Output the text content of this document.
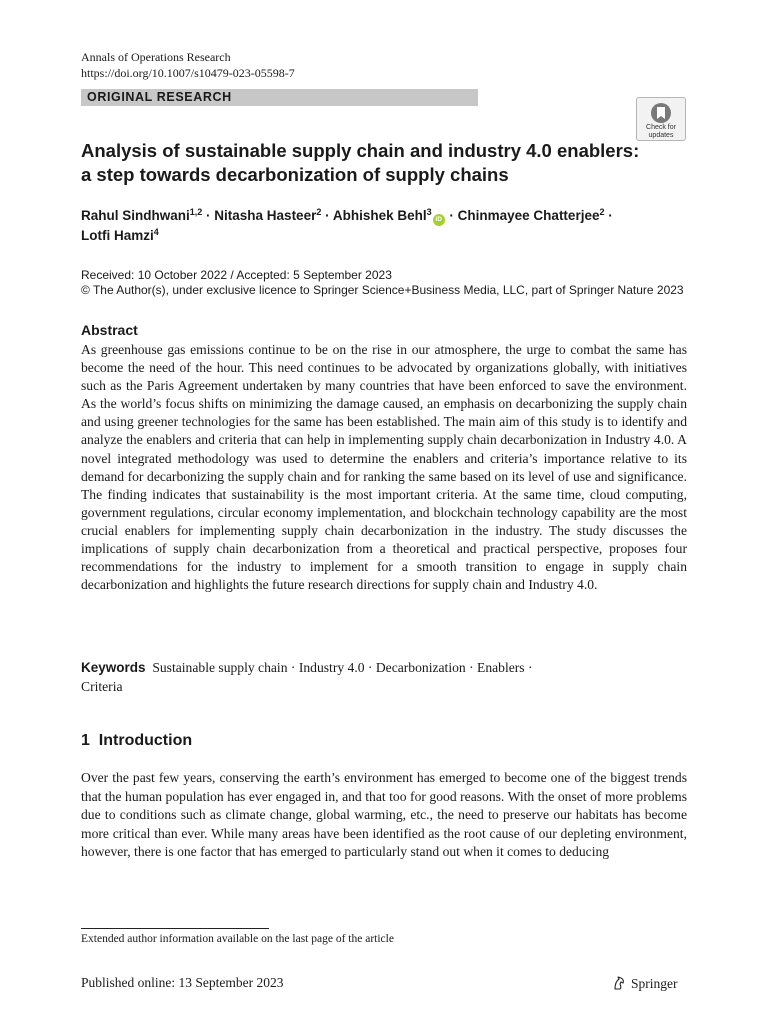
Annals of Operations Research
https://doi.org/10.1007/s10479-023-05598-7
ORIGINAL RESEARCH
Check for
updates
Analysis of sustainable supply chain and industry 4.0 enablers: a step towards decarbonization of supply chains
Rahul Sindhwani$^{1,2}$ · Nitasha Hasteer$^2$ · Abhishek Behl$^3$iD · Chinmayee Chatterjee$^2$ ·
Lotfi Hamzi$^4$
Received: 10 October 2022 / Accepted: 5 September 2023
© The Author(s), under exclusive licence to Springer Science+Business Media, LLC, part of Springer Nature 2023
Abstract
As greenhouse gas emissions continue to be on the rise in our atmosphere, the urge to combat the same has become the need of the hour. This need continues to be advocated by organizations globally, with initiatives such as the Paris Agreement undertaken by many countries that have been enforced to save the environment. As the world’s focus shifts on minimizing the damage caused, an emphasis on decarbonizing the supply chain and using greener technologies for the same has been established. The main aim of this study is to identify and analyze the enablers and criteria that can help in implementing supply chain decarbonization in Industry 4.0. A novel integrated methodology was used to determine the enablers and criteria’s importance relative to its demand for decarbonizing the supply chain and for ranking the same based on its level of use and significance. The finding indicates that sustainability is the most important criteria. At the same time, cloud computing, government regulations, circular economy implementation, and blockchain technology capability are the most crucial enablers for implementing supply chain decarbonization in the industry. The study discusses the implications of supply chain decarbonization from a theoretical and practical perspective, proposes four recommendations for the industry to implement for a smooth transition to engage in supply chain decarbonization and highlights the future research directions for supply chain and Industry 4.0.
Keywords Sustainable supply chain · Industry 4.0 · Decarbonization · Enablers ·
Criteria
1 Introduction
Over the past few years, conserving the earth’s environment has emerged to become one of the biggest trends that the human population has ever engaged in, and that too for good reasons. With the onset of more problems due to conditions such as climate change, global warming, etc., the need to preserve our habitats has become more critical than ever. While many areas have been identified as the root cause of our depleting environment, however, there is one factor that has emerged to particularly stand out when it comes to deducing
Extended author information available on the last page of the article
Published online: 13 September 2023	Springer
